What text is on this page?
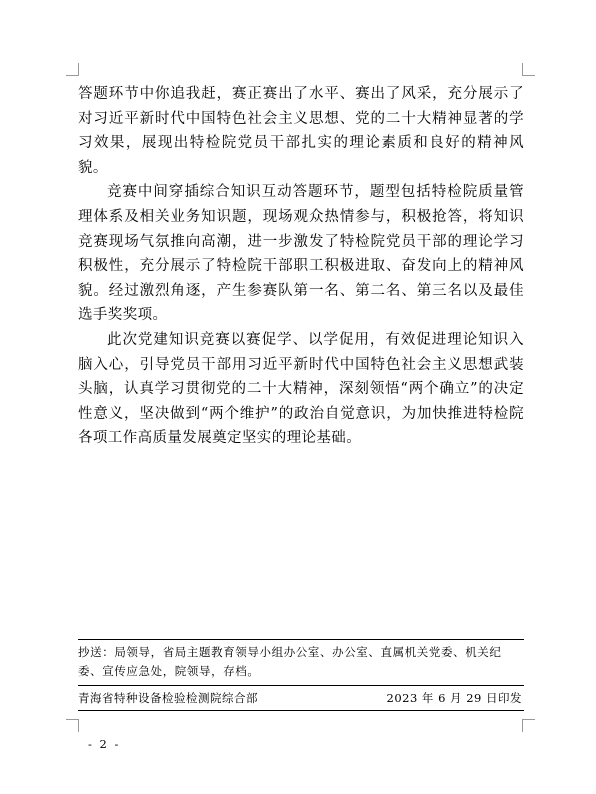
答题环节中你追我赶，赛正赛出了水平、赛出了风采，充分展示了对习近平新时代中国特色社会主义思想、党的二十大精神显著的学习效果，展现出特检院党员干部扎实的理论素质和良好的精神风貌。

竞赛中间穿插综合知识互动答题环节，题型包括特检院质量管理体系及相关业务知识题，现场观众热情参与，积极抢答，将知识竞赛现场气氛推向高潮，进一步激发了特检院党员干部的理论学习积极性，充分展示了特检院干部职工积极进取、奋发向上的精神风貌。经过激烈角逐，产生参赛队第一名、第二名、第三名以及最佳选手奖奖项。

此次党建知识竞赛以赛促学、以学促用，有效促进理论知识入脑入心，引导党员干部用习近平新时代中国特色社会主义思想武装头脑，认真学习贯彻党的二十大精神，深刻领悟“两个确立”的决定性意义，坚决做到“两个维护”的政治自觉意识，为加快推进特检院各项工作高质量发展奠定坚实的理论基础。

抄送：局领导，省局主题教育领导小组办公室、办公室、直属机关党委、机关纪委、宣传应急处，院领导，存档。
青海省特种设备检验检测院综合部	2023 年 6 月 29 日印发
- 2 -
